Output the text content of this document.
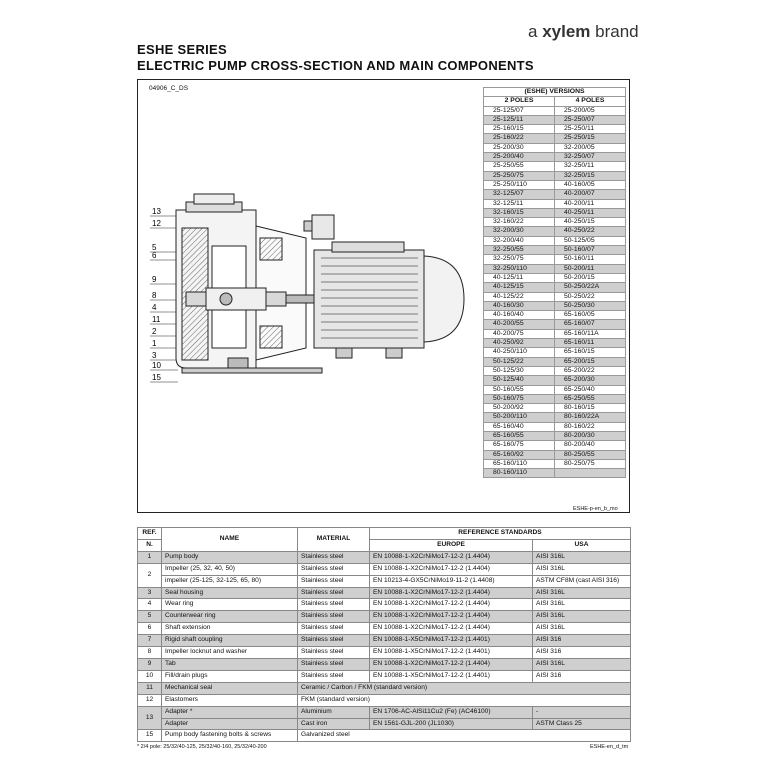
a xylem brand
ESHE SERIES
ELECTRIC PUMP CROSS-SECTION AND MAIN COMPONENTS
04906_C_DS
13
12
5
6
9
8
4
11
2
1
3
10
15
(ESHE) VERSIONS	
2 POLES	4 POLES
25-125/07	25-200/05
25-125/11	25-250/07
25-160/15	25-250/11
25-160/22	25-250/15
25-200/30	32-200/05
25-200/40	32-250/07
25-250/55	32-250/11
25-250/75	32-250/15
25-250/110	40-160/05
32-125/07	40-200/07
32-125/11	40-200/11
32-160/15	40-250/11
32-160/22	40-250/15
32-200/30	40-250/22
32-200/40	50-125/05
32-250/55	50-160/07
32-250/75	50-160/11
32-250/110	50-200/11
40-125/11	50-200/15
40-125/15	50-250/22A
40-125/22	50-250/22
40-160/30	50-250/30
40-160/40	65-160/05
40-200/55	65-160/07
40-200/75	65-160/11A
40-250/92	65-160/11
40-250/110	65-160/15
50-125/22	65-200/15
50-125/30	65-200/22
50-125/40	65-200/30
50-160/55	65-250/40
50-160/75	65-250/55
50-200/92	80-160/15
50-200/110	80-160/22A
65-160/40	80-160/22
65-160/55	80-200/30
65-160/75	80-200/40
65-160/92	80-250/55
65-160/110	80-250/75
80-160/110	
ESHE-p-en_b_mo
REF.	NAME	MATERIAL	REFERENCE STANDARDS	
N.			EUROPE	USA
1	Pump body	Stainless steel	EN 10088-1-X2CrNiMo17-12-2 (1.4404)	AISI 316L
2	Impeller (25, 32, 40, 50)	Stainless steel	EN 10088-1-X2CrNiMo17-12-2 (1.4404)	AISI 316L
	impeller (25-125, 32-125, 65, 80)	Stainless steel	EN 10213-4-GX5CrNiMo19-11-2 (1.4408)	ASTM CF8M (cast AISI 316)
3	Seal housing	Stainless steel	EN 10088-1-X2CrNiMo17-12-2 (1.4404)	AISI 316L
4	Wear ring	Stainless steel	EN 10088-1-X2CrNiMo17-12-2 (1.4404)	AISI 316L
5	Counterwear ring	Stainless steel	EN 10088-1-X2CrNiMo17-12-2 (1.4404)	AISI 316L
6	Shaft extension	Stainless steel	EN 10088-1-X2CrNiMo17-12-2 (1.4404)	AISI 316L
7	Rigid shaft coupling	Stainless steel	EN 10088-1-X5CrNiMo17-12-2 (1.4401)	AISI 316
8	Impeller locknut and washer	Stainless steel	EN 10088-1-X5CrNiMo17-12-2 (1.4401)	AISI 316
9	Tab	Stainless steel	EN 10088-1-X2CrNiMo17-12-2 (1.4404)	AISI 316L
10	Fill/drain plugs	Stainless steel	EN 10088-1-X5CrNiMo17-12-2 (1.4401)	AISI 316
11	Mechanical seal	Ceramic / Carbon / FKM (standard version)		
12	Elastomers	FKM (standard version)		
13	Adapter *	Aluminium	EN 1706-AC-AlSi11Cu2 (Fe) (AC46100)	-
	Adapter	Cast iron	EN 1561-GJL-200 (JL1030)	ASTM Class 25
15	Pump body fastening bolts & screws	Galvanized steel		
* 2/4 pole: 25/32/40-125, 25/32/40-160, 25/32/40-200	ESHE-en_d_tm
